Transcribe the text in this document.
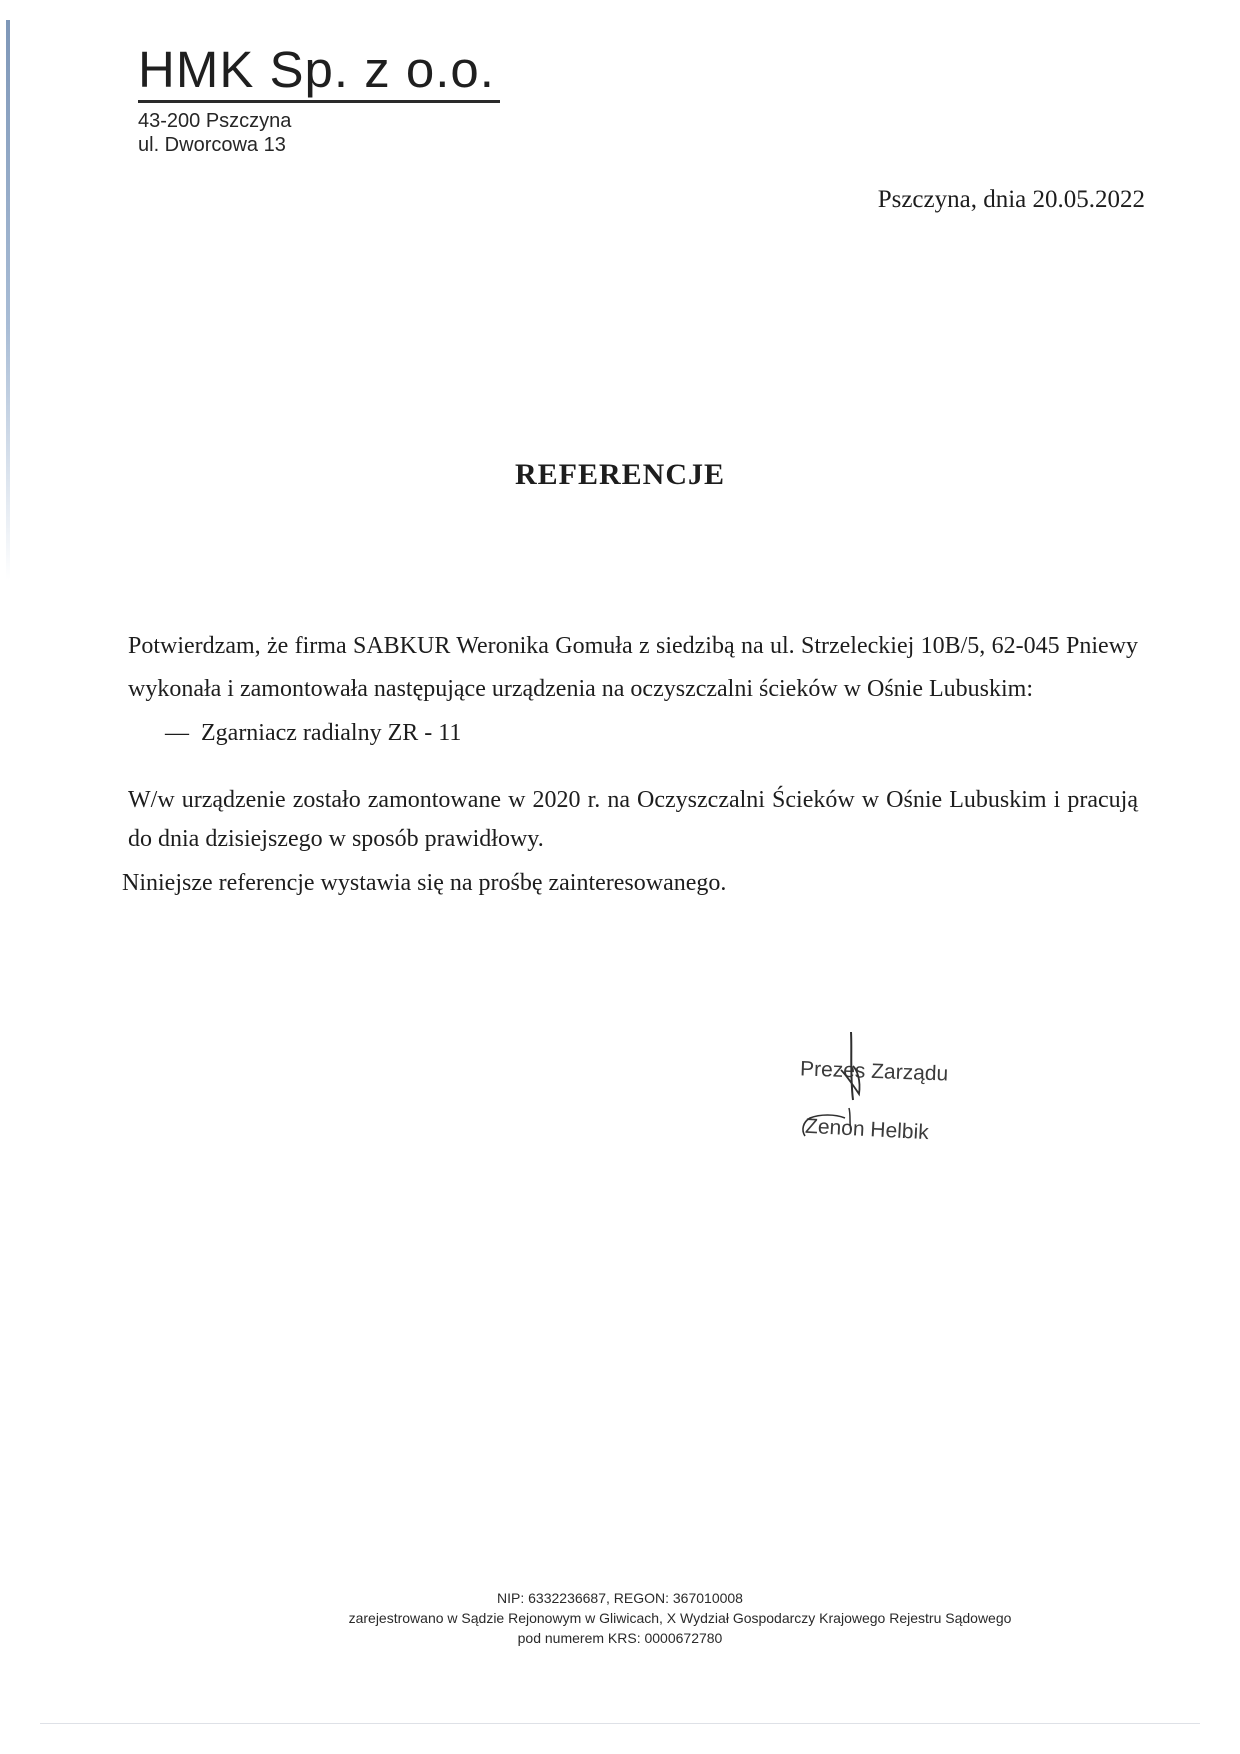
HMK Sp. z o.o.
43-200 Pszczyna
ul. Dworcowa 13
Pszczyna, dnia 20.05.2022
REFERENCJE
Potwierdzam, że firma SABKUR Weronika Gomuła z siedzibą na ul. Strzeleckiej 10B/5, 62-045 Pniewy wykonała i zamontowała następujące urządzenia na oczyszczalni ścieków w Ośnie Lubuskim:
— Zgarniacz radialny ZR - 11
W/w urządzenie zostało zamontowane w 2020 r. na Oczyszczalni Ścieków w Ośnie Lubuskim i pracują do dnia dzisiejszego w sposób prawidłowy.
Niniejsze referencje wystawia się na prośbę zainteresowanego.
Prezes Zarządu
Zenon Helbik
NIP: 6332236687, REGON: 367010008
zarejestrowano w Sądzie Rejonowym w Gliwicach, X Wydział Gospodarczy Krajowego Rejestru Sądowego
pod numerem KRS: 0000672780
